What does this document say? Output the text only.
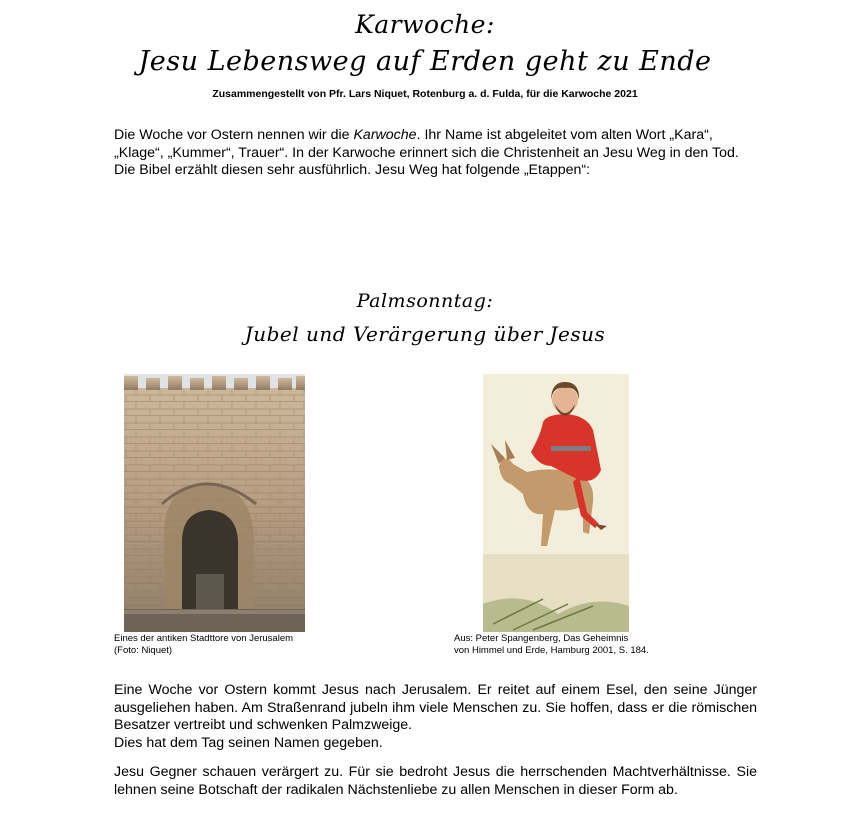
Karwoche:
Jesu Lebensweg auf Erden geht zu Ende
Zusammengestellt von Pfr. Lars Niquet, Rotenburg a. d. Fulda, für die Karwoche 2021
Die Woche vor Ostern nennen wir die Karwoche. Ihr Name ist abgeleitet vom alten Wort „Kara“, „Klage“, „Kummer“, Trauer“. In der Karwoche erinnert sich die Christenheit an Jesu Weg in den Tod. Die Bibel erzählt diesen sehr ausführlich. Jesu Weg hat folgende „Etappen“:
Palmsonntag:
Jubel und Verärgerung über Jesus
Eines der antiken Stadttore von Jerusalem
(Foto: Niquet)
Aus: Peter Spangenberg, Das Geheimnis
von Himmel und Erde, Hamburg 2001, S. 184.
Eine Woche vor Ostern kommt Jesus nach Jerusalem. Er reitet auf einem Esel, den seine Jünger ausgeliehen haben. Am Straßenrand jubeln ihm viele Menschen zu. Sie hoffen, dass er die römischen Besatzer vertreibt und schwenken Palmzweige.
Dies hat dem Tag seinen Namen gegeben.
Jesu Gegner schauen verärgert zu. Für sie bedroht Jesus die herrschenden Machtverhältnisse. Sie lehnen seine Botschaft der radikalen Nächstenliebe zu allen Menschen in dieser Form ab.
